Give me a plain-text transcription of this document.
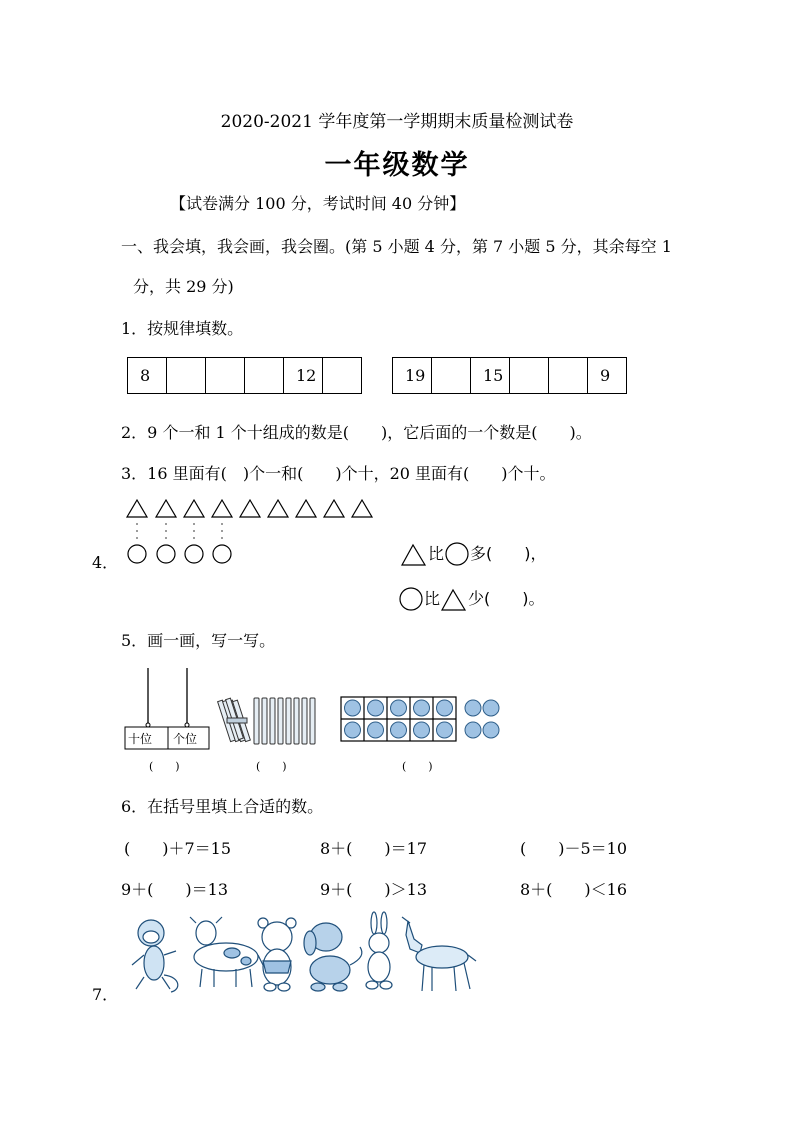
2020-2021 学年度第一学期期末质量检测试卷
一年级数学
【试卷满分 100 分，考试时间 40 分钟】
一、我会填，我会画，我会圈。(第 5 小题 4 分，第 7 小题 5 分，其余每空 1
分，共 29 分)
1．按规律填数。
8				12		19		15			9
2．9 个一和 1 个十组成的数是(　　)，它后面的一个数是(　　)。
3．16 里面有(　)个一和(　　)个十，20 里面有(　　)个十。
4．	比 多(　　)，
比 少(　　)。
5．画一画，写一写。
十位 个位
(　　)	(　　)	(　　)
6．在括号里填上合适的数。
(　　)＋7＝15	8＋(　　)＝17	(　　)－5＝10
9＋(　　)＝13	9＋(　　)＞13	8＋(　　)＜16
7．
